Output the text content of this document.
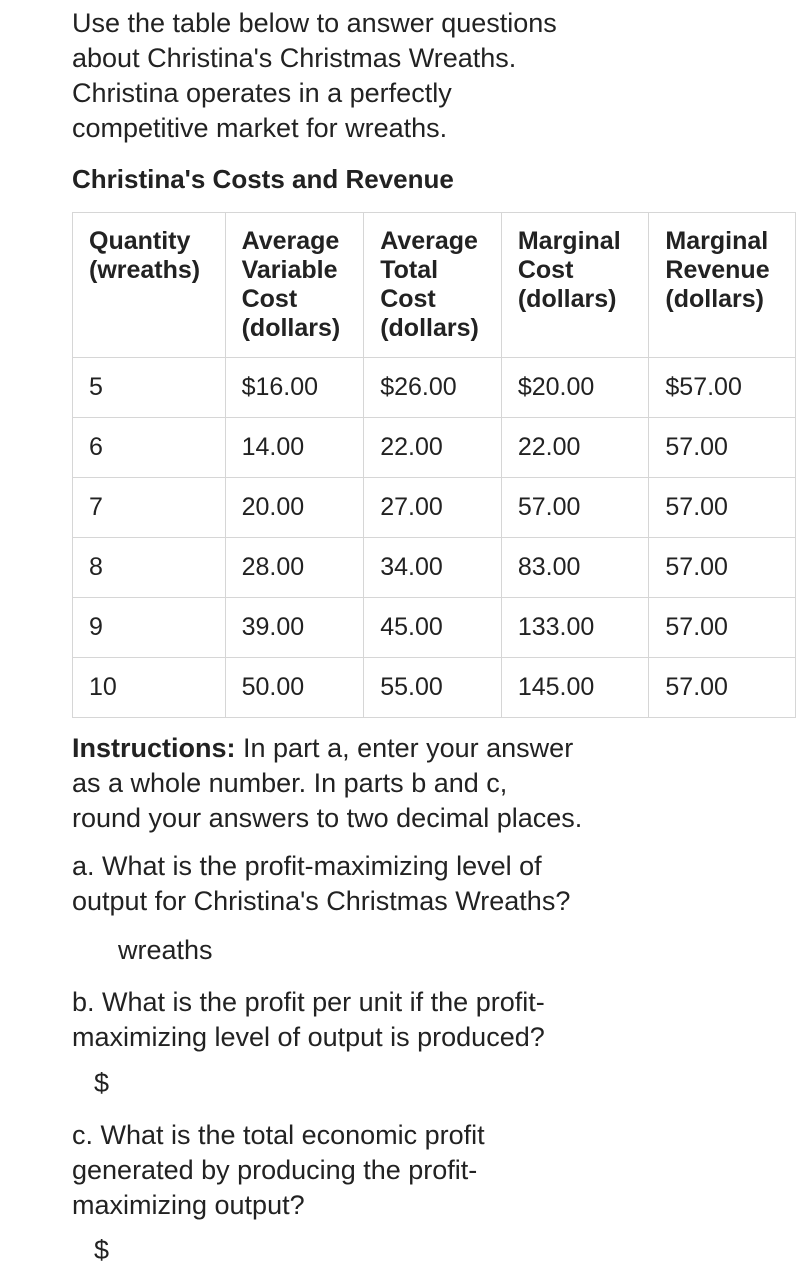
Use the table below to answer questions
about Christina's Christmas Wreaths.
Christina operates in a perfectly
competitive market for wreaths.
Christina's Costs and Revenue
Quantity
(wreaths)	Average
Variable
Cost
(dollars)	Average
Total
Cost
(dollars)	Marginal
Cost
(dollars)	Marginal
Revenue
(dollars)

5	$16.00	$26.00	$20.00	$57.00
6	14.00	22.00	22.00	57.00
7	20.00	27.00	57.00	57.00
8	28.00	34.00	83.00	57.00
9	39.00	45.00	133.00	57.00
10	50.00	55.00	145.00	57.00
Instructions: In part a, enter your answer
as a whole number. In parts b and c,
round your answers to two decimal places.
a. What is the profit-maximizing level of
output for Christina's Christmas Wreaths?
wreaths
b. What is the profit per unit if the profit-
maximizing level of output is produced?
$
c. What is the total economic profit
generated by producing the profit-
maximizing output?
$
